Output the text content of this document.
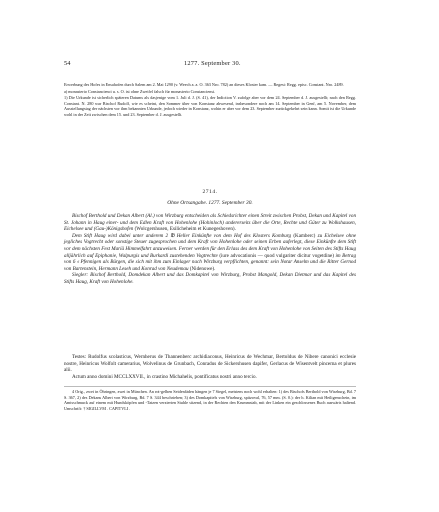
54	1277. September 30.

Erwerbung des Hofes in Ensahofen durch Salem am 2. Mai 1290 (v. Weech a. a. O. 363 Nro. 782) an dieses Kloster kam. — Regest: Regg. episc. Constant. Nro. 2489.

a) monasterio Constancienci u. s. O. ist ohne Zweifel falsch für monasterio Constanciensi.

1) Die Urkunde ist sicherlich späteren Datums als dasjenige vom 1. Juli d. J. (S. 41), der Indiction V. zufolge aber vor dem 24. September d. J. ausgestellt; nach den Regg. Constant. N. 280 war Bischof Rudolf, wie es scheint, den Sommer über von Konstanz abwesend, insbesondere noch am 14. September in Genf, am 5. November, dem Ausstellungstag der nächsten vor ihm bekannten Urkunde, jedoch wieder in Konstanz, wohin er aber vor dem 23. September zurückgekehrt sein kann. Somit ist die Urkunde wohl in der Zeit zwischen dem 15. und 23. September d. J. ausgestellt.

2714.
Ohne Ortsangabe. 1277. September 30.

Bischof Berthold und Dekan Albert (Al.) von Wirzburg entscheiden als Schiedsrichter einen Streit zwischen Probst, Dekan und Kapitel von St. Johann in Haug einer- und dem Edlen Kraft von Hohenlohe (Hohinloch) andererseits über die Orte, Rechte und Güter zu Wolkshausen, Eichelsee und (Gau-)Königshofen (Wolcgershusen, Esilicheheim et Kunegeshoven).

Dem Stift Haug wird dabei unter anderem 2 ℔ Heller Einkünfte von dem Hof des Klosters Komburg (Kamberc) zu Eichelsee ohne jegliches Vogtrecht oder sonstige Steuer zugesprochen und dem Kraft von Hohenlohe oder seinen Erben auferlegt, diese Einkünfte dem Stift vor dem nächsten Fest Mariä Himmelfahrt anzuweisen. Ferner werden für den Erlass des dem Kraft von Hohenlohe von Seiten des Stifts Haug alljährlich auf Epiphanie, Walpurgis und Burkardi zustehenden Vogtrechte (iure advocationis — quod vulgariter dicitur vogetdine) im Betrag von 6 𝔰 Pfennigen als Bürgen, die sich mit ihm zum Einlager nach Wirzburg verpflichten, genannt: sein Notar Anselm und die Ritter Gernod von Bartenstein, Hermann Leseh und Konrad von Neudemau (Nidenowe).

Siegler: Bischof Berthold, Domdekan Albert und das Domkapitel von Wirzburg, Probst Mangold, Dekan Dietmar und das Kapitel des Stifts Haug, Kraft von Hohenlohe.

Testes: Rudolfus scolasticus, Wernherus de Thannenberc archidiaconus, Heinricus de Wechmar, Bertoldus de Nibere canonici ecclesie nostre, Heinricus Wolfolt camerarius, Wolvelinus de Grunbach, Conradus de Sickershusen dapifer, Gerlacus de Wisentvelt pincerna et plures alii.

Actum anno domini MCCLXXVII., in crastino Michahelis, pontificatus nostri anno tercio.

4 Orig., zwei in Öhringen, zwei in München. An rot-gelben Seidenfäden hängen je 7 Siegel, meistens noch wohl erhalten: 1) des Bischofs Berthold von Wirzburg, Bd. 7 S. 367, 2) des Dekans Albert von Wirzburg, Bd. 7 S. 344 beschrieben; 3) des Domkapitels von Wirzburg, spitzoval, 76, 57 mm. (S. 0.): der h. Kilian mit Heiligenschein, im Amtsschmuck auf einem mit Hundsköpfen und -Tatzen verzierten Stuhle sitzend, in der Rechten den Krummstab, mit der Linken ein geschlossenes Buch auswärts haltend. Umschrift: † SIGILLVM . CAPITVLI .
